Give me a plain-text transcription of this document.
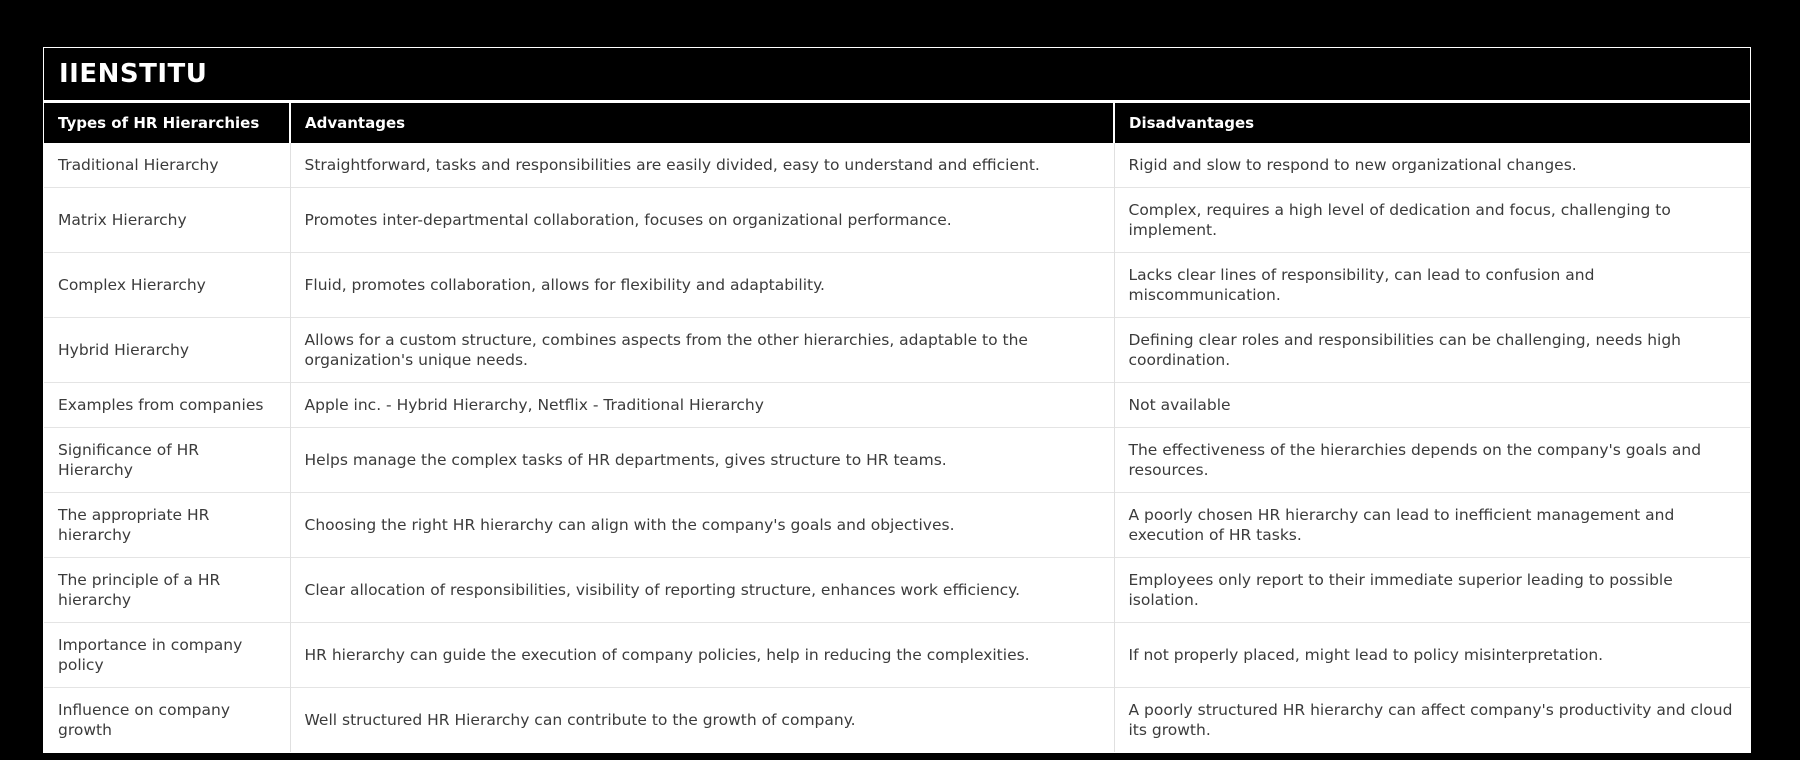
IIENSTITU
Types of HR Hierarchies	Advantages	Disadvantages
Traditional Hierarchy	Straightforward, tasks and responsibilities are easily divided, easy to understand and efficient.	Rigid and slow to respond to new organizational changes.
Matrix Hierarchy	Promotes inter-departmental collaboration, focuses on organizational performance.	Complex, requires a high level of dedication and focus, challenging to implement.
Complex Hierarchy	Fluid, promotes collaboration, allows for flexibility and adaptability.	Lacks clear lines of responsibility, can lead to confusion and miscommunication.
Hybrid Hierarchy	Allows for a custom structure, combines aspects from the other hierarchies, adaptable to the organization's unique needs.	Defining clear roles and responsibilities can be challenging, needs high coordination.
Examples from companies	Apple inc. - Hybrid Hierarchy, Netflix - Traditional Hierarchy	Not available
Significance of HR Hierarchy	Helps manage the complex tasks of HR departments, gives structure to HR teams.	The effectiveness of the hierarchies depends on the company's goals and resources.
The appropriate HR hierarchy	Choosing the right HR hierarchy can align with the company's goals and objectives.	A poorly chosen HR hierarchy can lead to inefficient management and execution of HR tasks.
The principle of a HR hierarchy	Clear allocation of responsibilities, visibility of reporting structure, enhances work efficiency.	Employees only report to their immediate superior leading to possible isolation.
Importance in company policy	HR hierarchy can guide the execution of company policies, help in reducing the complexities.	If not properly placed, might lead to policy misinterpretation.
Influence on company growth	Well structured HR Hierarchy can contribute to the growth of company.	A poorly structured HR hierarchy can affect company's productivity and cloud its growth.
